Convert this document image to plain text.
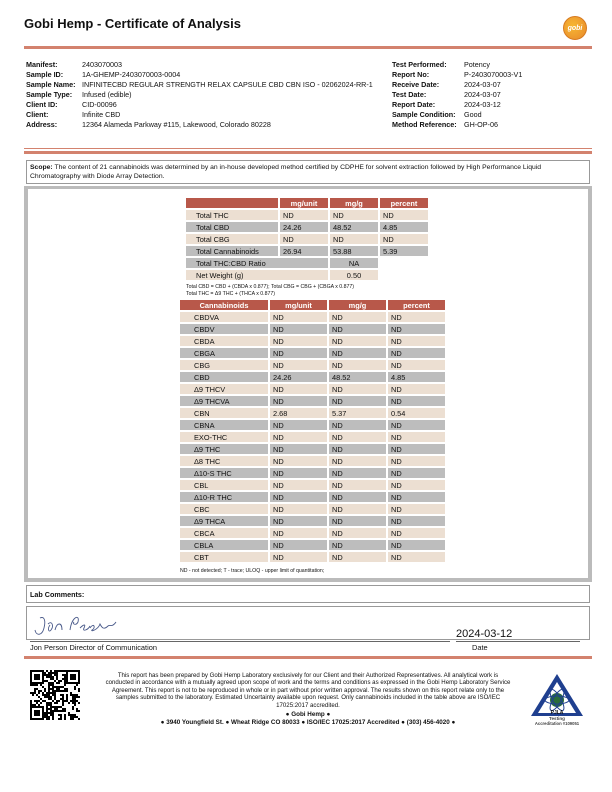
Gobi Hemp - Certificate of Analysis	gobi
Manifest:	2403070003
Sample ID:	1A-GHEMP-2403070003-0004
Sample Name: INFINITECBD REGULAR STRENGTH RELAX CAPSULE CBD CBN ISO - 02062024-RR-1
Sample Type:	Infused (edible)
Client ID:	CID-00096
Client:	Infinite CBD
Address:	12364 Alameda Parkway #115, Lakewood, Colorado 80228
Test Performed:	Potency
Report No:	P-2403070003-V1
Receive Date:	2024-03-07
Test Date:	2024-03-07
Report Date:	2024-03-12
Sample Condition:	Good
Method Reference:	GH-OP-06
Scope: The content of 21 cannabinoids was determined by an in-house developed method certified by CDPHE for solvent extraction followed by High Performance Liquid Chromatography with Diode Array Detection.
	mg/unit	mg/g	percent
Total THC	ND	ND	ND
Total CBD	24.26	48.52	4.85
Total CBG	ND	ND	ND
Total Cannabinoids	26.94	53.88	5.39
Total THC:CBD Ratio		NA	
Net Weight (g)		0.50	
Total CBD = CBD + (CBDA x 0.877); Total CBG = CBG + (CBGA x 0.877)
Total THC = Δ9 THC + (THCA x 0.877)
Cannabinoids	mg/unit	mg/g	percent
CBDVA	ND	ND	ND
CBDV	ND	ND	ND
CBDA	ND	ND	ND
CBGA	ND	ND	ND
CBG	ND	ND	ND
CBD	24.26	48.52	4.85
Δ9 THCV	ND	ND	ND
Δ9 THCVA	ND	ND	ND
CBN	2.68	5.37	0.54
CBNA	ND	ND	ND
EXO-THC	ND	ND	ND
Δ9 THC	ND	ND	ND
Δ8 THC	ND	ND	ND
Δ10-S THC	ND	ND	ND
CBL	ND	ND	ND
Δ10-R THC	ND	ND	ND
CBC	ND	ND	ND
Δ9 THCA	ND	ND	ND
CBCA	ND	ND	ND
CBLA	ND	ND	ND
CBT	ND	ND	ND
ND - not detected; T - trace; ULOQ - upper limit of quantitation;
Lab Comments:
Jon Person Director of Communication
2024-03-12
Date
This report has been prepared by Gobi Hemp Laboratory exclusively for our Client and their Authorized Representatives. All analytical work is conducted in accordance with a mutually agreed upon scope of work and the terms and conditions as expressed in the Gobi Hemp Laboratory Service Agreement. This report is not to be reproduced in whole or in part without prior written approval. The results shown on this report relate only to the samples submitted to the laboratory. Estimated Uncertainty available upon request. Only cannabinoids included in the table above are ISO/IEC 17025:2017 accredited.
● Gobi Hemp ●
● 3940 Youngfield St. ● Wheat Ridge CO 80033 ● ISO/IEC 17025:2017 Accredited ● (303) 456-4020 ●
PJLA
Testing
Accreditation #109051
